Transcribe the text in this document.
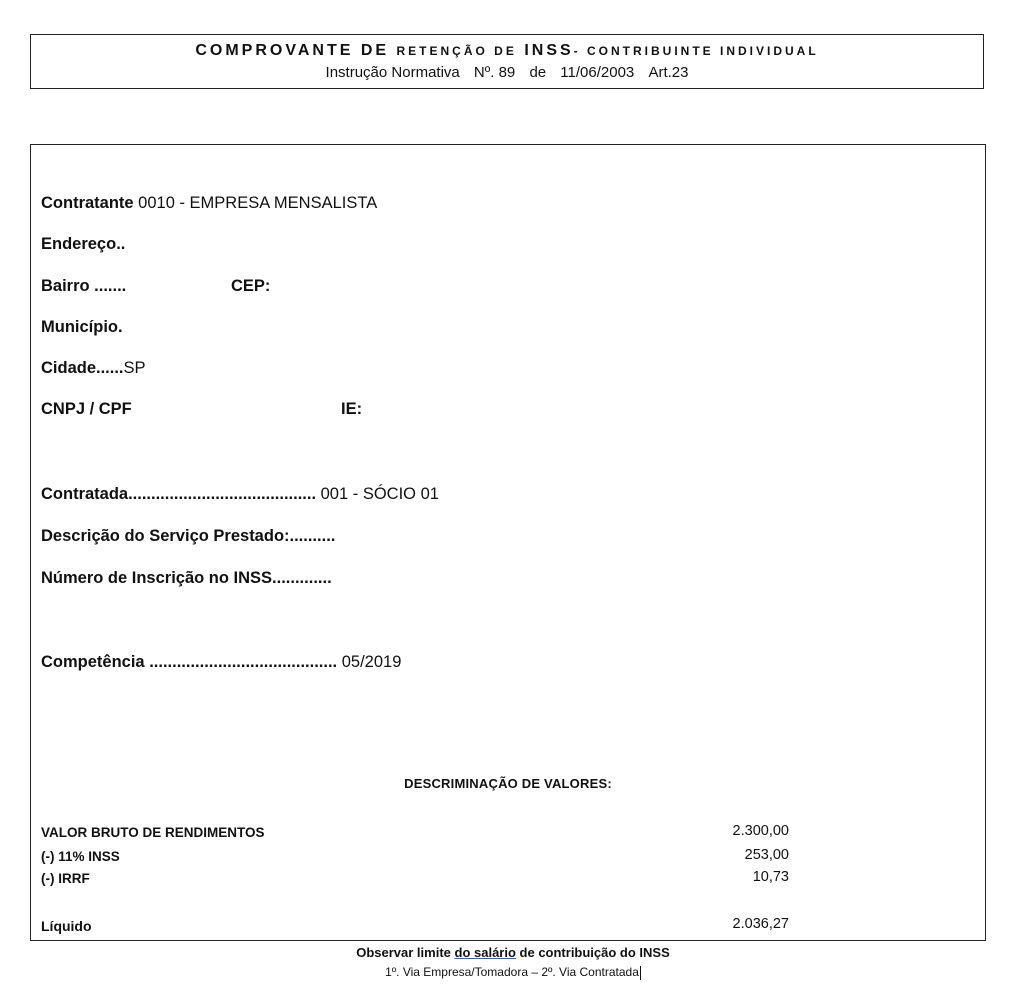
COMPROVANTE DE RETENÇÃO DE INSS- CONTRIBUINTE INDIVIDUAL
Instrução Normativa Nº. 89 de 11/06/2003 Art.23
Contratante 0010 - EMPRESA MENSALISTA
Endereço..
Bairro .......	CEP:
Município.
Cidade......SP
CNPJ / CPF	IE:
Contratada......................................... 001 - SÓCIO 01
Descrição do Serviço Prestado:..........
Número de Inscrição no INSS.............
Competência ......................................... 05/2019
DESCRIMINAÇÃO DE VALORES:
VALOR BRUTO DE RENDIMENTOS	2.300,00
(-) 11% INSS	253,00
(-) IRRF	10,73
Líquido	2.036,27
Observar limite do salário de contribuição do INSS
1º. Via Empresa/Tomadora – 2º. Via Contratada
